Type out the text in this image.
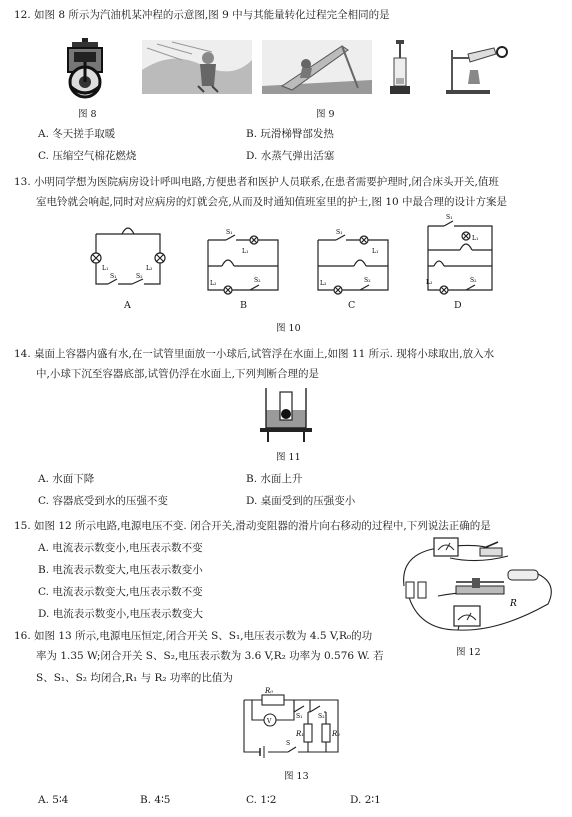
12. 如图 8 所示为汽油机某冲程的示意图,图 9 中与其能量转化过程完全相同的是
图 8	图 9
A. 冬天搓手取暖	B. 玩滑梯臀部发热
C. 压缩空气棉花燃烧	D. 水蒸气弹出活塞
13. 小明同学想为医院病房设计呼叫电路,方便患者和医护人员联系,在患者需要护理时,闭合床头开关,值班
室电铃就会响起,同时对应病房的灯就会亮,从而及时通知值班室里的护士,图 10 中最合理的设计方案是
L₁	L₂
S₁	S₂
A
S₁
L₁
L₂	S₂
B
S₁
L₁
L₂	S₂
C
S₁
L₁
L₂	S₂
D
图 10
14. 桌面上容器内盛有水,在一试管里面放一小球后,试管浮在水面上,如图 11 所示. 现将小球取出,放入水
中,小球下沉至容器底部,试管仍浮在水面上,下列判断合理的是
图 11
A. 水面下降	B. 水面上升
C. 容器底受到水的压强不变	D. 桌面受到的压强变小
15. 如图 12 所示电路,电源电压不变. 闭合开关,滑动变阻器的滑片向右移动的过程中,下列说法正确的是
A. 电流表示数变小,电压表示数不变
B. 电流表示数变大,电压表示数变小
C. 电流表示数变大,电压表示数不变
D. 电流表示数变小,电压表示数变大
R
图 12
16. 如图 13 所示,电源电压恒定,闭合开关 S、S₁,电压表示数为 4.5 V,R₀的功
率为 1.35 W;闭合开关 S、S₂,电压表示数为 3.6 V,R₂ 功率为 0.576 W. 若
S、S₁、S₂ 均闭合,R₁ 与 R₂ 功率的比值为
R₀
V
S₁	S₂
R₁	R₂
S
图 13
A. 5∶4	B. 4∶5	C. 1∶2	D. 2∶1
